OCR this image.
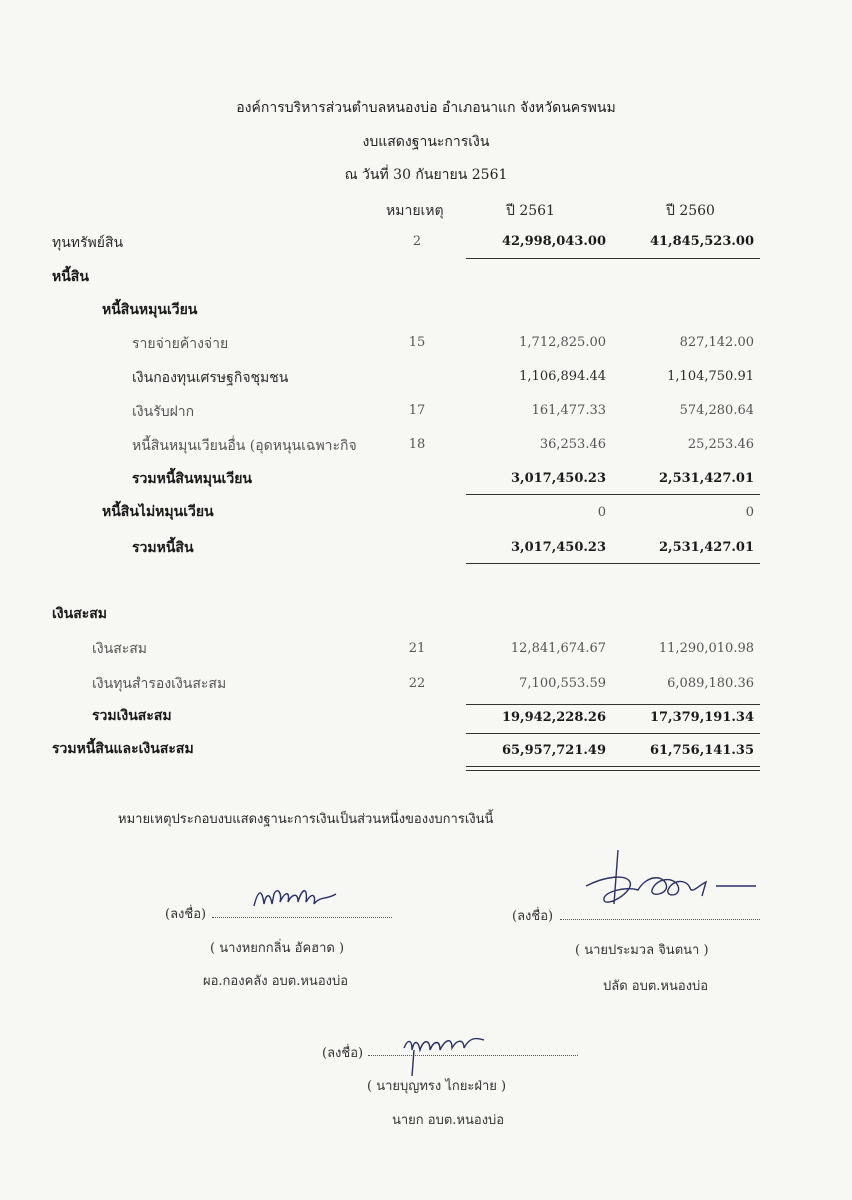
องค์การบริหารส่วนตำบลหนองบ่อ อำเภอนาแก จังหวัดนครพนม
งบแสดงฐานะการเงิน
ณ วันที่ 30 กันยายน 2561
หมายเหตุ	ปี 2561	ปี 2560
ทุนทรัพย์สิน	2	42,998,043.00	41,845,523.00
หนี้สิน
หนี้สินหมุนเวียน
รายจ่ายค้างจ่าย	15	1,712,825.00	827,142.00
เงินกองทุนเศรษฐกิจชุมชน	1,106,894.44	1,104,750.91
เงินรับฝาก	17	161,477.33	574,280.64
หนี้สินหมุนเวียนอื่น (อุดหนุนเฉพาะกิจ	18	36,253.46	25,253.46
รวมหนี้สินหมุนเวียน	3,017,450.23	2,531,427.01
หนี้สินไม่หมุนเวียน	0	0
รวมหนี้สิน	3,017,450.23	2,531,427.01
เงินสะสม
เงินสะสม	21	12,841,674.67	11,290,010.98
เงินทุนสำรองเงินสะสม	22	7,100,553.59	6,089,180.36
รวมเงินสะสม	19,942,228.26	17,379,191.34
รวมหนี้สินและเงินสะสม	65,957,721.49	61,756,141.35
หมายเหตุประกอบงบแสดงฐานะการเงินเป็นส่วนหนึ่งของงบการเงินนี้
(ลงชื่อ)
( นางหยกกลิ่น อัคฮาด )
ผอ.กองคลัง อบต.หนองบ่อ
(ลงชื่อ)
( นายประมวล จินตนา )
ปลัด อบต.หนองบ่อ
(ลงชื่อ)
( นายบุญทรง ไกยะฝ่าย )
นายก อบต.หนองบ่อ
